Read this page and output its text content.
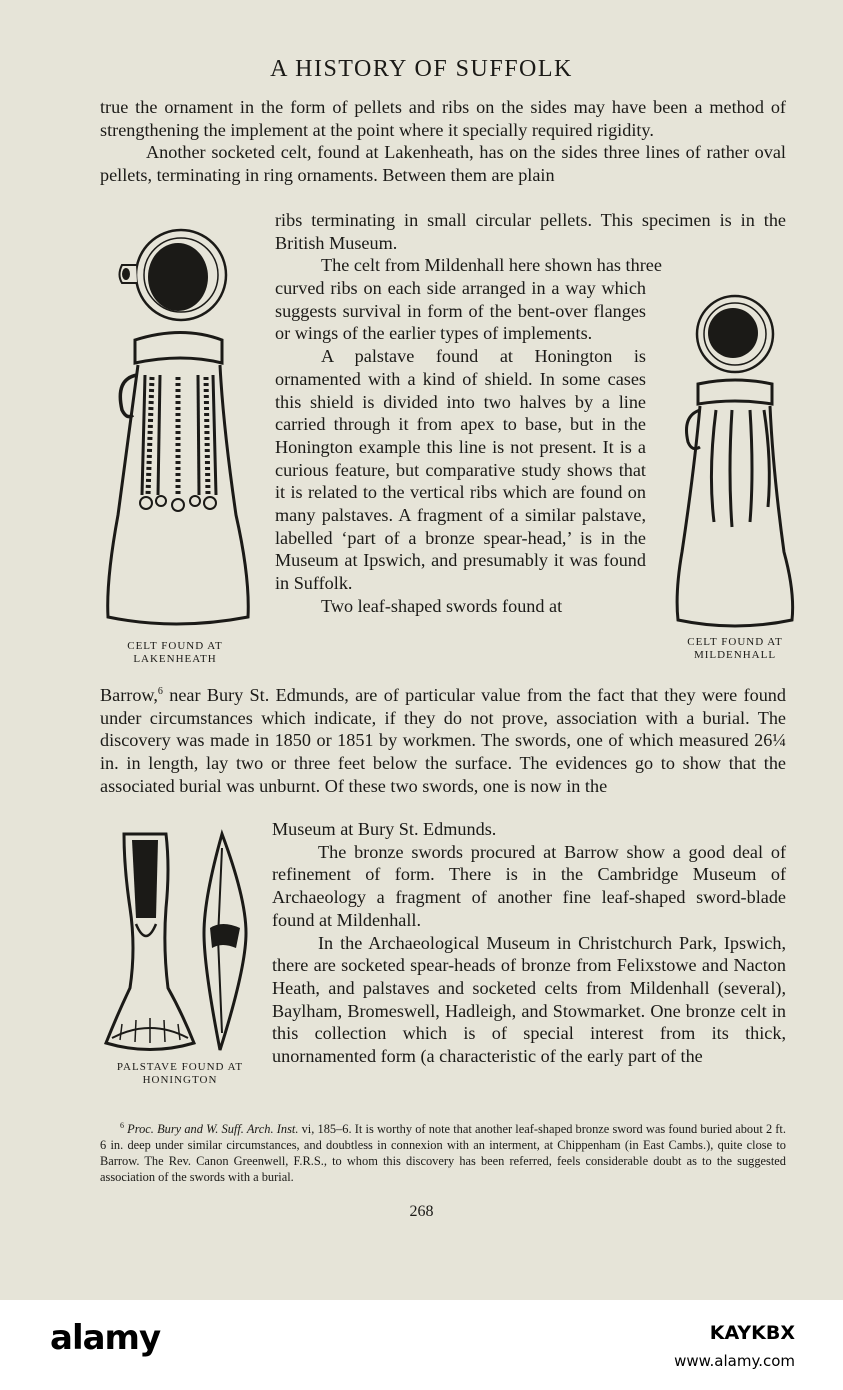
A HISTORY OF SUFFOLK

true the ornament in the form of pellets and ribs on the sides may have been a method of strengthening the implement at the point where it specially required rigidity.

Another socketed celt, found at Lakenheath, has on the sides three lines of rather oval pellets, terminating in ring ornaments. Between them are plain

ribs terminating in small circular pellets. This specimen is in the British Museum.

The celt from Mildenhall here shown has three

curved ribs on each side arranged in a way which suggests survival in form of the bent-over flanges or wings of the earlier types of implements.

A palstave found at Honington is ornamented with a kind of shield. In some cases this shield is divided into two halves by a line carried through it from apex to base, but in the Honington example this line is not present. It is a curious feature, but comparative study shows that it is related to the vertical ribs which are found on many palstaves. A fragment of a similar palstave, labelled ‘part of a bronze spear-head,’ is in the Museum at Ipswich, and presumably it was found in Suffolk.

Two leaf-shaped swords found at

Barrow,$^6$ near Bury St. Edmunds, are of particular value from the fact that they were found under circumstances which indicate, if they do not prove, association with a burial. The discovery was made in 1850 or 1851 by workmen. The swords, one of which measured 26¼ in. in length, lay two or three feet below the surface. The evidences go to show that the associated burial was unburnt. Of these two swords, one is now in the

Museum at Bury St. Edmunds.

The bronze swords procured at Barrow show a good deal of refinement of form. There is in the Cambridge Museum of Archaeology a fragment of another fine leaf-shaped sword-blade found at Mildenhall.

In the Archaeological Museum in Christchurch Park, Ipswich, there are socketed spear-heads of bronze from Felixstowe and Nacton Heath, and palstaves and socketed celts from Mildenhall (several), Baylham, Bromeswell, Hadleigh, and Stowmarket. One bronze celt in this collection which is of special interest from its thick, unornamented form (a characteristic of the early part of the

CELT FOUND AT
LAKENHEATH
CELT FOUND AT
MILDENHALL
PALSTAVE FOUND AT
HONINGTON

$^6$ Proc. Bury and W. Suff. Arch. Inst. vi, 185–6. It is worthy of note that another leaf-shaped bronze sword was found buried about 2 ft. 6 in. deep under similar circumstances, and doubtless in connexion with an interment, at Chippenham (in East Cambs.), quite close to Barrow. The Rev. Canon Greenwell, F.R.S., to whom this discovery has been referred, feels considerable doubt as to the suggested association of the swords with a burial.

268
alamy	KAYKBX
www.alamy.com
